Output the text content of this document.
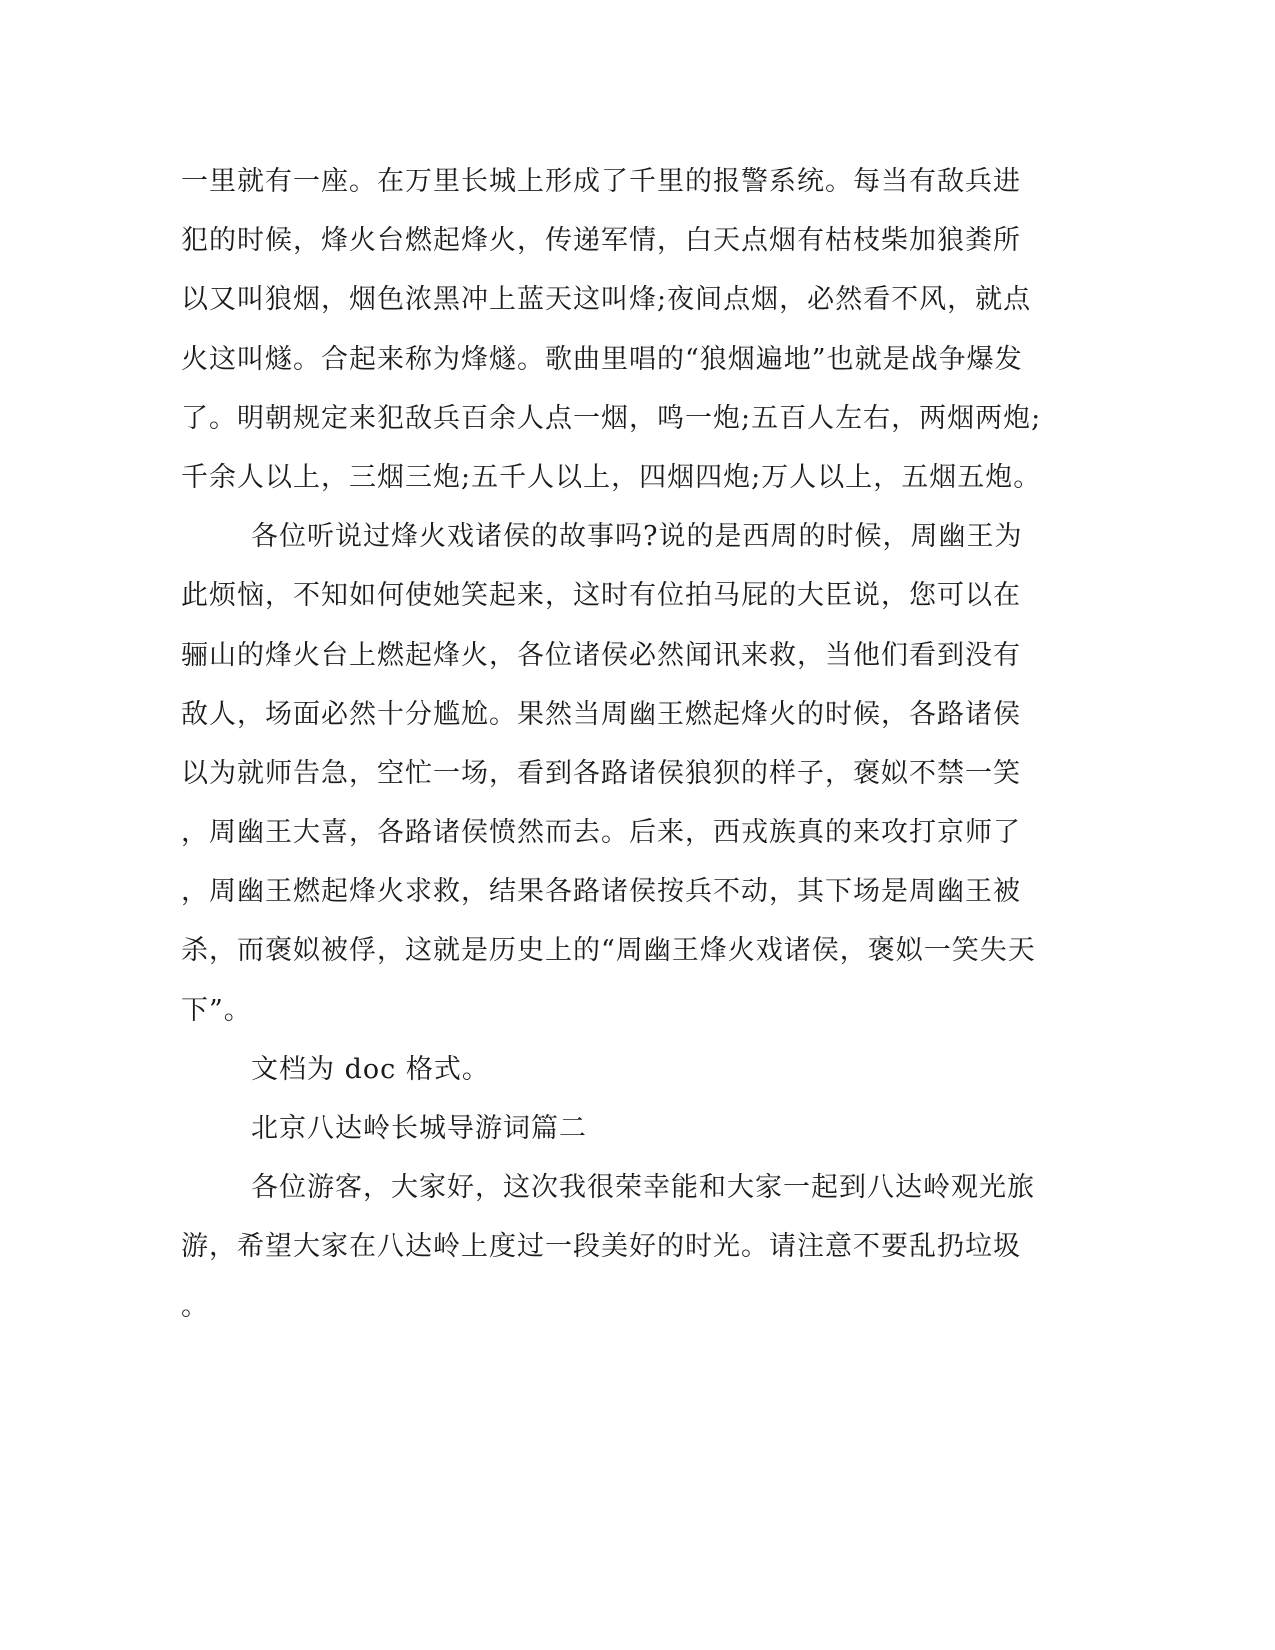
一里就有一座。在万里长城上形成了千里的报警系统。每当有敌兵进
犯的时候，烽火台燃起烽火，传递军情，白天点烟有枯枝柴加狼粪所
以又叫狼烟，烟色浓黑冲上蓝天这叫烽;夜间点烟，必然看不风，就点
火这叫燧。合起来称为烽燧。歌曲里唱的“狼烟遍地”也就是战争爆发
了。明朝规定来犯敌兵百余人点一烟，鸣一炮;五百人左右，两烟两炮;
千余人以上，三烟三炮;五千人以上，四烟四炮;万人以上，五烟五炮。
各位听说过烽火戏诸侯的故事吗?说的是西周的时候，周幽王为
此烦恼，不知如何使她笑起来，这时有位拍马屁的大臣说，您可以在
骊山的烽火台上燃起烽火，各位诸侯必然闻讯来救，当他们看到没有
敌人，场面必然十分尴尬。果然当周幽王燃起烽火的时候，各路诸侯
以为就师告急，空忙一场，看到各路诸侯狼狈的样子，褒姒不禁一笑
，周幽王大喜，各路诸侯愤然而去。后来，西戎族真的来攻打京师了
，周幽王燃起烽火求救，结果各路诸侯按兵不动，其下场是周幽王被
杀，而褒姒被俘，这就是历史上的“周幽王烽火戏诸侯，褒姒一笑失天
下”。
文档为 doc 格式。
北京八达岭长城导游词篇二
各位游客，大家好，这次我很荣幸能和大家一起到八达岭观光旅
游，希望大家在八达岭上度过一段美好的时光。请注意不要乱扔垃圾
。
